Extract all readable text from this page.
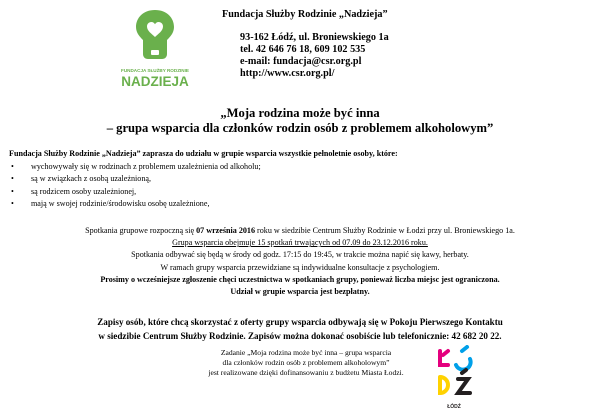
FUNDACJA SŁUŻBY RODZINIE
NADZIEJA
Fundacja Służby Rodzinie „Nadzieja”
93-162 Łódź, ul. Broniewskiego 1a
tel. 42 646 76 18, 609 102 535
e-mail: fundacja@csr.org.pl
http://www.csr.org.pl/
„Moja rodzina może być inna
– grupa wsparcia dla członków rodzin osób z problemem alkoholowym”
Fundacja Służby Rodzinie „Nadzieja” zaprasza do udziału w grupie wsparcia wszystkie pełnoletnie osoby, które:
• wychowywały się w rodzinach z problemem uzależnienia od alkoholu;
• są w związkach z osobą uzależnioną,
• są rodzicem osoby uzależnionej,
• mają w swojej rodzinie/środowisku osobę uzależnione,
Spotkania grupowe rozpoczną się 07 września 2016 roku w siedzibie Centrum Służby Rodzinie w Łodzi przy ul. Broniewskiego 1a.
Grupa wsparcia obejmuje 15 spotkań trwających od 07.09 do 23.12.2016 roku.
Spotkania odbywać się będą w środy od godz. 17:15 do 19:45, w trakcie można napić się kawy, herbaty.
W ramach grupy wsparcia przewidziane są indywidualne konsultacje z psychologiem.
Prosimy o wcześniejsze zgłoszenie chęci uczestnictwa w spotkaniach grupy, ponieważ liczba miejsc jest ograniczona.
Udział w grupie wsparcia jest bezpłatny.
Zapisy osób, które chcą skorzystać z oferty grupy wsparcia odbywają się w Pokoju Pierwszego Kontaktu
w siedzibie Centrum Służby Rodzinie. Zapisów można dokonać osobiście lub telefonicznie: 42 682 20 22.
Zadanie „Moja rodzina może być inna – grupa wsparcia
dla członków rodzin osób z problemem alkoholowym”
jest realizowane dzięki dofinansowaniu z budżetu Miasta Łodzi.
ŁÓDŹ
